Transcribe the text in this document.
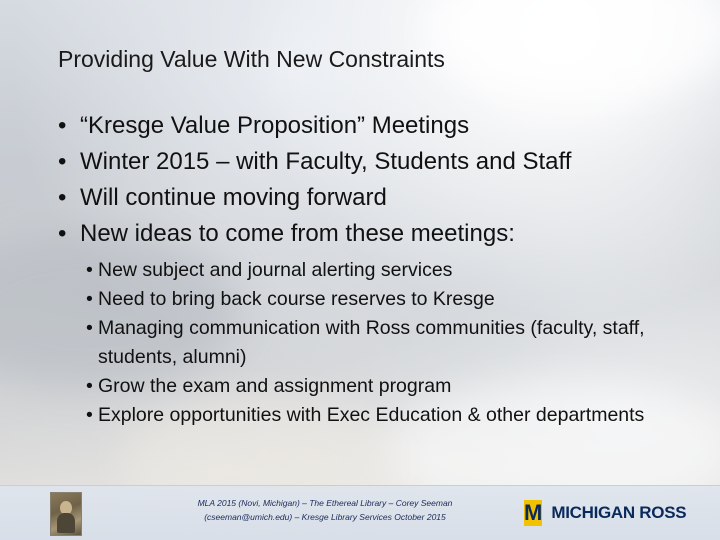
Providing Value With New Constraints
• “Kresge Value Proposition” Meetings
• Winter 2015 – with Faculty, Students and Staff
• Will continue moving forward
• New ideas to come from these meetings:
• New subject and journal alerting services
• Need to bring back course reserves to Kresge
• Managing communication with Ross communities (faculty, staff, students, alumni)
• Grow the exam and assignment program
• Explore opportunities with Exec Education & other departments
MLA 2015 (Novi, Michigan) – The Ethereal Library – Corey Seeman
(cseeman@umich.edu) – Kresge Library Services October 2015	M MICHIGAN ROSS
